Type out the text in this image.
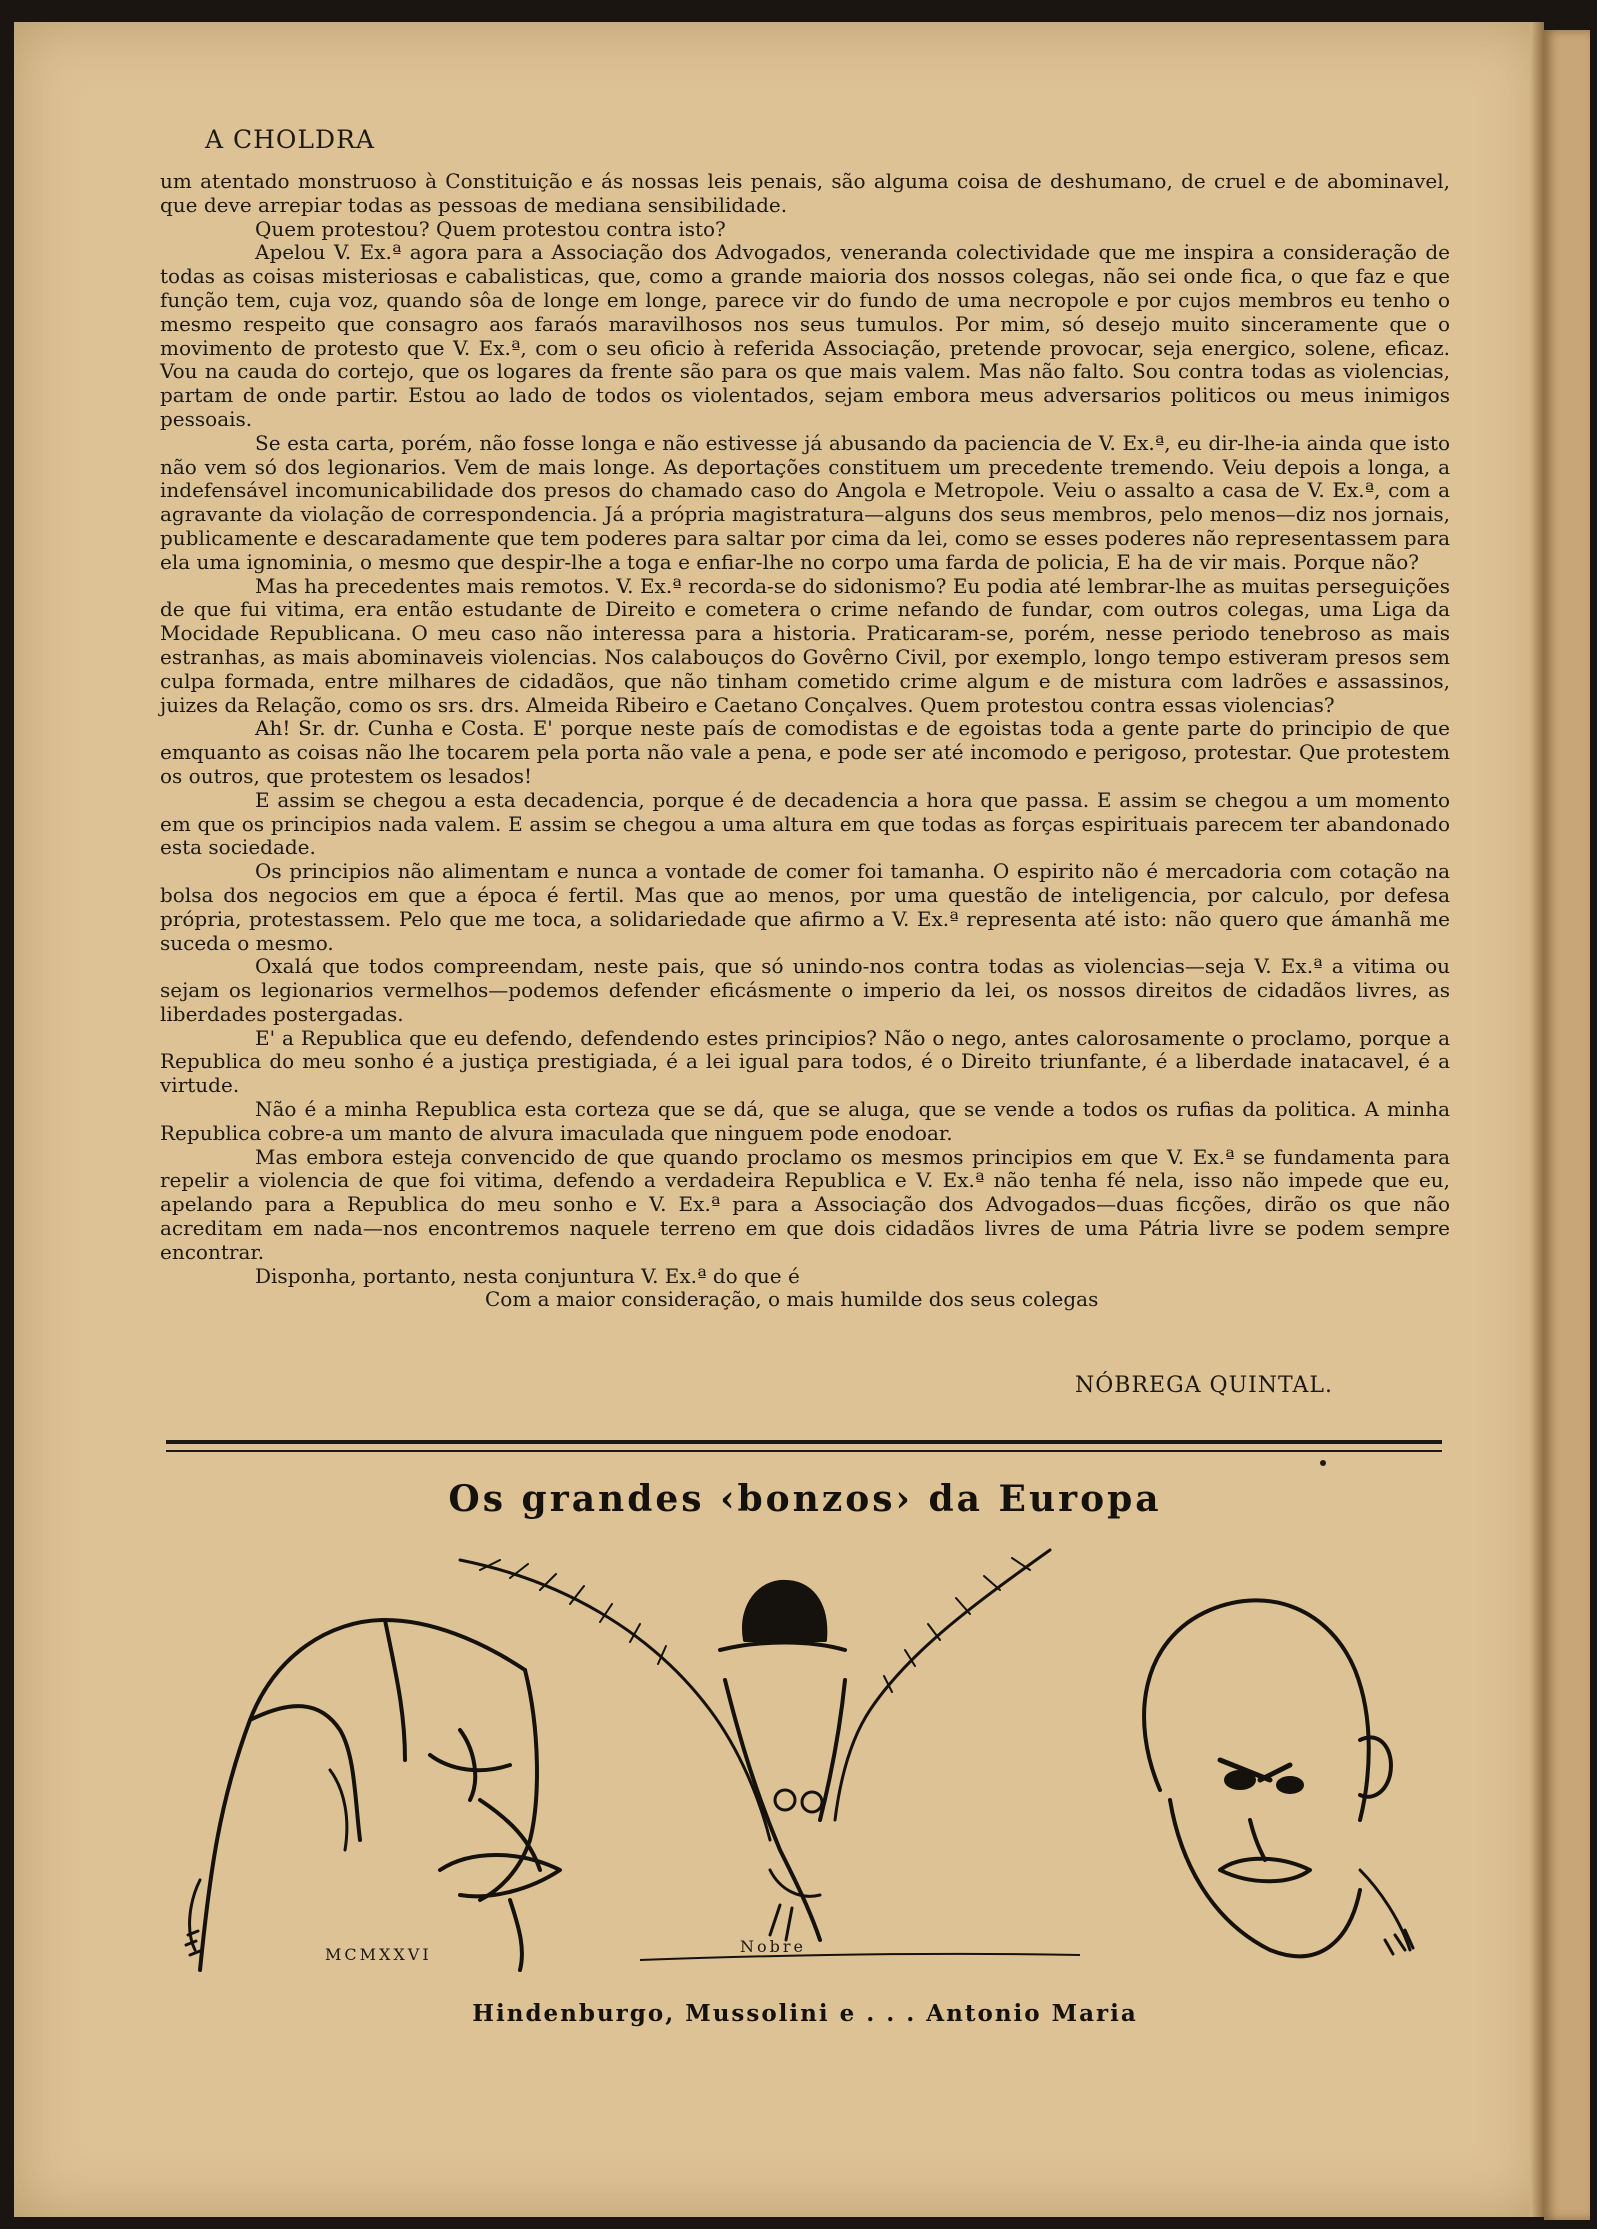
A CHOLDRA

um atentado monstruoso à Constituição e ás nossas leis penais, são alguma coisa de deshumano, de cruel e de abominavel, que deve arrepiar todas as pessoas de mediana sensibilidade.

Quem protestou? Quem protestou contra isto?

Apelou V. Ex.ª agora para a Associação dos Advogados, veneranda colectividade que me inspira a consideração de todas as coisas misteriosas e cabalisticas, que, como a grande maioria dos nossos colegas, não sei onde fica, o que faz e que função tem, cuja voz, quando sôa de longe em longe, parece vir do fundo de uma necropole e por cujos membros eu tenho o mesmo respeito que consagro aos faraós maravilhosos nos seus tumulos. Por mim, só desejo muito sinceramente que o movimento de protesto que V. Ex.ª, com o seu oficio à referida Associação, pretende provocar, seja energico, solene, eficaz. Vou na cauda do cortejo, que os logares da frente são para os que mais valem. Mas não falto. Sou contra todas as violencias, partam de onde partir. Estou ao lado de todos os violentados, sejam embora meus adversarios politicos ou meus inimigos pessoais.

Se esta carta, porém, não fosse longa e não estivesse já abusando da paciencia de V. Ex.ª, eu dir-lhe-ia ainda que isto não vem só dos legionarios. Vem de mais longe. As deportações constituem um precedente tremendo. Veiu depois a longa, a indefensável incomunicabilidade dos presos do chamado caso do Angola e Metropole. Veiu o assalto a casa de V. Ex.ª, com a agravante da violação de correspondencia. Já a própria magistratura—alguns dos seus membros, pelo menos—diz nos jornais, publicamente e descaradamente que tem poderes para saltar por cima da lei, como se esses poderes não representassem para ela uma ignominia, o mesmo que despir-lhe a toga e enfiar-lhe no corpo uma farda de policia, E ha de vir mais. Porque não?

Mas ha precedentes mais remotos. V. Ex.ª recorda-se do sidonismo? Eu podia até lembrar-lhe as muitas perseguições de que fui vitima, era então estudante de Direito e cometera o crime nefando de fundar, com outros colegas, uma Liga da Mocidade Republicana. O meu caso não interessa para a historia. Praticaram-se, porém, nesse periodo tenebroso as mais estranhas, as mais abominaveis violencias. Nos calabouços do Govêrno Civil, por exemplo, longo tempo estiveram presos sem culpa formada, entre milhares de cidadãos, que não tinham cometido crime algum e de mistura com ladrões e assassinos, juizes da Relação, como os srs. drs. Almeida Ribeiro e Caetano Conçalves. Quem protestou contra essas violencias?

Ah! Sr. dr. Cunha e Costa. E' porque neste país de comodistas e de egoistas toda a gente parte do principio de que emquanto as coisas não lhe tocarem pela porta não vale a pena, e pode ser até incomodo e perigoso, protestar. Que protestem os outros, que protestem os lesados!

E assim se chegou a esta decadencia, porque é de decadencia a hora que passa. E assim se chegou a um momento em que os principios nada valem. E assim se chegou a uma altura em que todas as forças espirituais parecem ter abandonado esta sociedade.

Os principios não alimentam e nunca a vontade de comer foi tamanha. O espirito não é mercadoria com cotação na bolsa dos negocios em que a época é fertil. Mas que ao menos, por uma questão de inteligencia, por calculo, por defesa própria, protestassem. Pelo que me toca, a solidariedade que afirmo a V. Ex.ª representa até isto: não quero que ámanhã me suceda o mesmo.

Oxalá que todos compreendam, neste pais, que só unindo-nos contra todas as violencias—seja V. Ex.ª a vitima ou sejam os legionarios vermelhos—podemos defender eficásmente o imperio da lei, os nossos direitos de cidadãos livres, as liberdades postergadas.

E' a Republica que eu defendo, defendendo estes principios? Não o nego, antes calorosamente o proclamo, porque a Republica do meu sonho é a justiça prestigiada, é a lei igual para todos, é o Direito triunfante, é a liberdade inatacavel, é a virtude.

Não é a minha Republica esta corteza que se dá, que se aluga, que se vende a todos os rufias da politica. A minha Republica cobre-a um manto de alvura imaculada que ninguem pode enodoar.

Mas embora esteja convencido de que quando proclamo os mesmos principios em que V. Ex.ª se fundamenta para repelir a violencia de que foi vitima, defendo a verdadeira Republica e V. Ex.ª não tenha fé nela, isso não impede que eu, apelando para a Republica do meu sonho e V. Ex.ª para a Associação dos Advogados—duas ficções, dirão os que não acreditam em nada—nos encontremos naquele terreno em que dois cidadãos livres de uma Pátria livre se podem sempre encontrar.

Disponha, portanto, nesta conjuntura V. Ex.ª do que é

Com a maior consideração, o mais humilde dos seus colegas

NÓBREGA QUINTAL.
Os grandes ‹bonzos› da Europa
MCMXXVI	Nobre
Hindenburgo, Mussolini e . . . Antonio Maria
